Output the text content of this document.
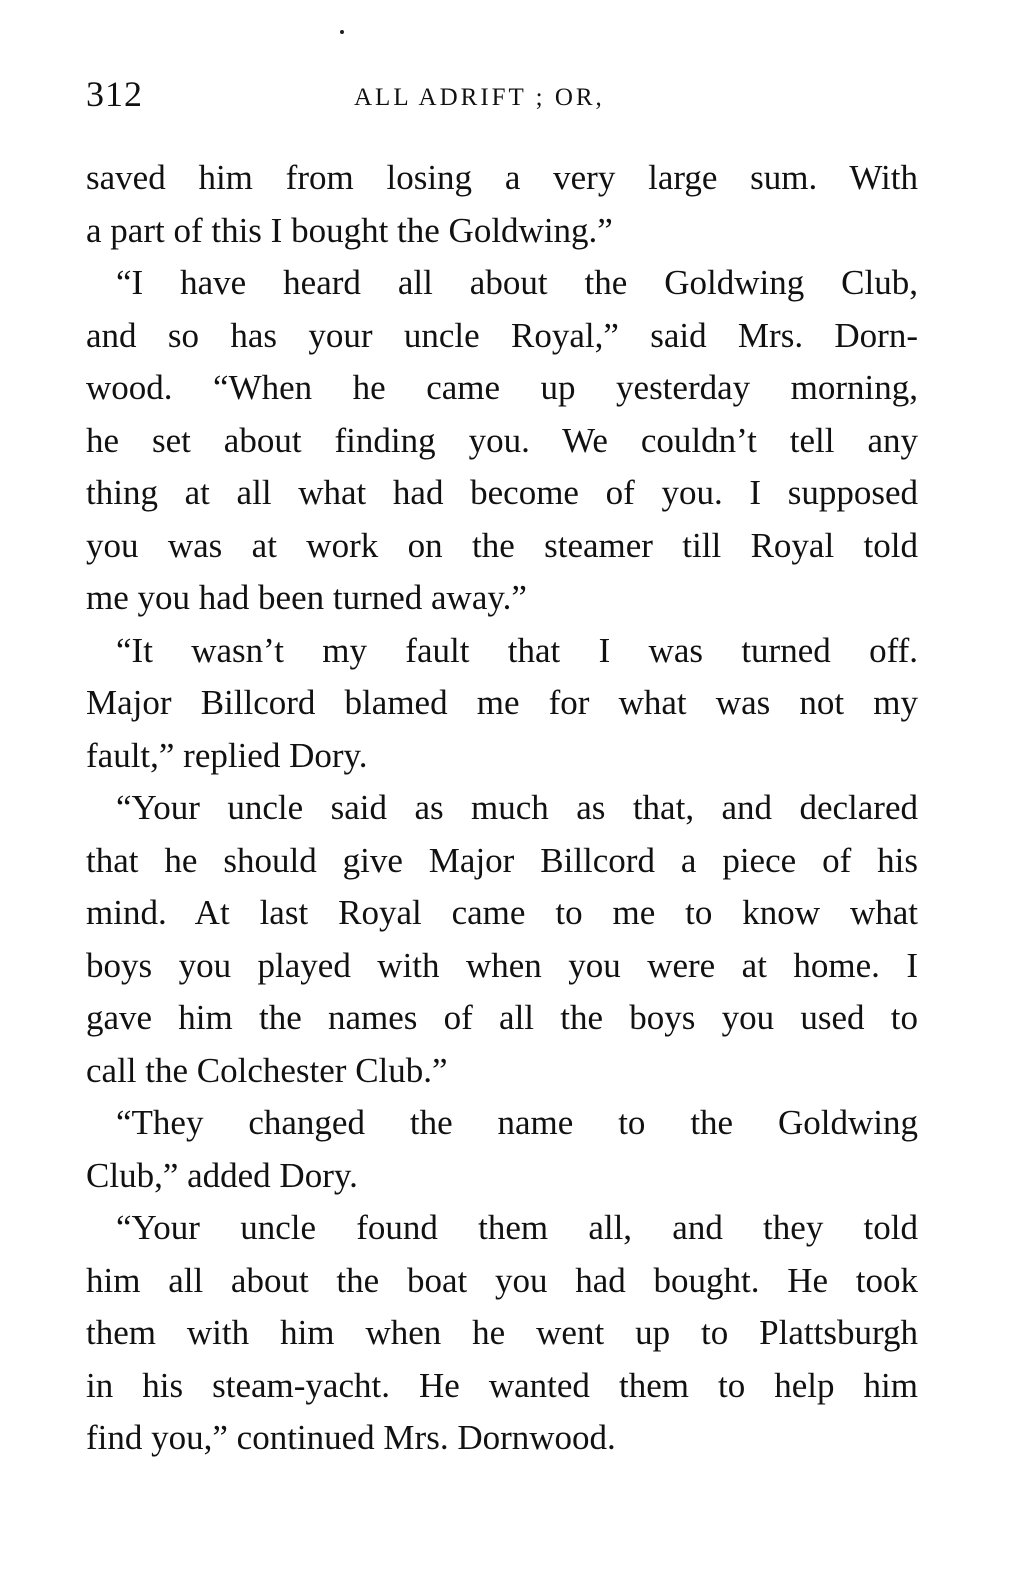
312	ALL ADRIFT ; OR,
saved him from losing a very large sum. With
a part of this I bought the Goldwing.”
“I have heard all about the Goldwing Club,
and so has your uncle Royal,” said Mrs. Dorn-
wood. “When he came up yesterday morning,
he set about finding you. We couldn’t tell any
thing at all what had become of you. I supposed
you was at work on the steamer till Royal told
me you had been turned away.”
“It wasn’t my fault that I was turned off.
Major Billcord blamed me for what was not my
fault,” replied Dory.
“Your uncle said as much as that, and declared
that he should give Major Billcord a piece of his
mind. At last Royal came to me to know what
boys you played with when you were at home. I
gave him the names of all the boys you used to
call the Colchester Club.”
“They changed the name to the Goldwing
Club,” added Dory.
“Your uncle found them all, and they told
him all about the boat you had bought. He took
them with him when he went up to Plattsburgh
in his steam-yacht. He wanted them to help him
find you,” continued Mrs. Dornwood.
